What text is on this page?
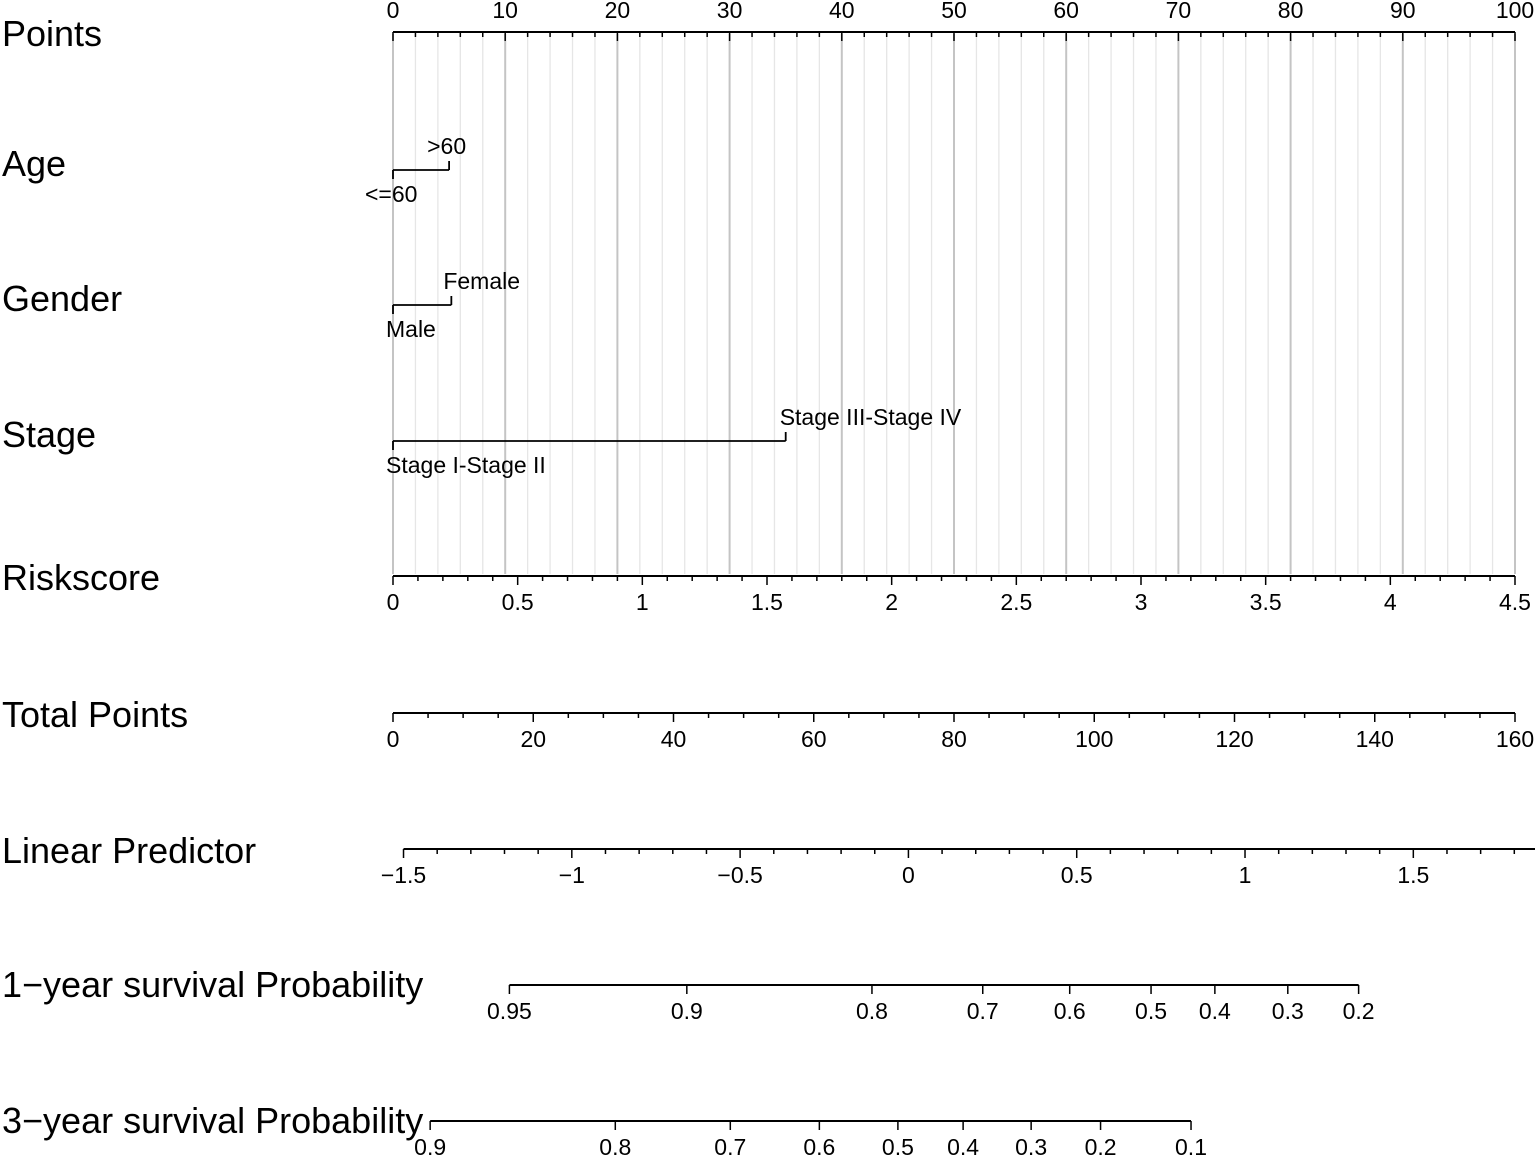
Points
0	10	20	30	40	50	60	70	80	90	100
Age
<=60
>60
Gender
Male
Female
Stage
Stage I-Stage II
Stage III-Stage IV
Riskscore
0	0.5	1	1.5	2	2.5	3	3.5	4	4.5
Total Points
0	20	40	60	80	100	120	140	160
Linear Predictor
−1.5	−1	−0.5	0	0.5	1	1.5
1−year survival Probability
0.95	0.9	0.8	0.7 0.6 0.5 0.4 0.3 0.2
3−year survival Probability
0.9	0.8	0.7 0.6 0.5 0.4 0.3 0.2	0.1
